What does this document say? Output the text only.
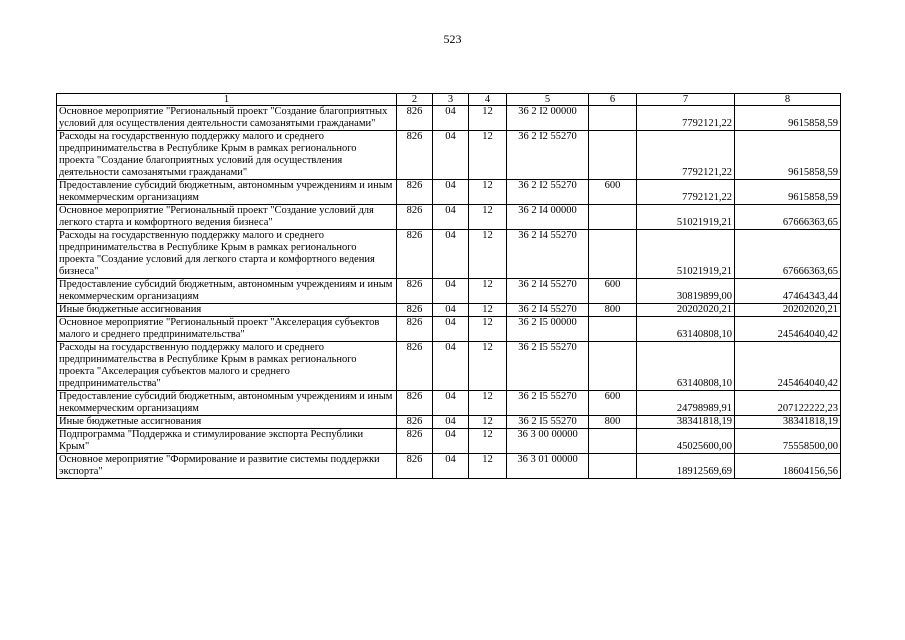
523
1	2	3	4	5	6	7	8
Основное мероприятие "Региональный проект "Создание благоприятных условий для осуществления деятельности самозанятыми гражданами"	826	04	12	36 2 I2 00000		7792121,22	9615858,59
Расходы на государственную поддержку малого и среднего предпринимательства в Республике Крым в рамках регионального проекта "Создание благоприятных условий для осуществления деятельности самозанятыми гражданами"	826	04	12	36 2 I2 55270		7792121,22	9615858,59
Предоставление субсидий бюджетным, автономным учреждениям и иным некоммерческим организациям	826	04	12	36 2 I2 55270	600	7792121,22	9615858,59
Основное мероприятие "Региональный проект "Создание условий для легкого старта и комфортного ведения бизнеса"	826	04	12	36 2 I4 00000		51021919,21	67666363,65
Расходы на государственную поддержку малого и среднего предпринимательства в Республике Крым в рамках регионального проекта "Создание условий для легкого старта и комфортного ведения бизнеса"	826	04	12	36 2 I4 55270		51021919,21	67666363,65
Предоставление субсидий бюджетным, автономным учреждениям и иным некоммерческим организациям	826	04	12	36 2 I4 55270	600	30819899,00	47464343,44
Иные бюджетные ассигнования	826	04	12	36 2 I4 55270	800	20202020,21	20202020,21
Основное мероприятие "Региональный проект "Акселерация субъектов малого и среднего предпринимательства"	826	04	12	36 2 I5 00000		63140808,10	245464040,42
Расходы на государственную поддержку малого и среднего предпринимательства в Республике Крым в рамках регионального проекта "Акселерация субъектов малого и среднего предпринимательства"	826	04	12	36 2 I5 55270		63140808,10	245464040,42
Предоставление субсидий бюджетным, автономным учреждениям и иным некоммерческим организациям	826	04	12	36 2 I5 55270	600	24798989,91	207122222,23
Иные бюджетные ассигнования	826	04	12	36 2 I5 55270	800	38341818,19	38341818,19
Подпрограмма "Поддержка и стимулирование экспорта Республики Крым"	826	04	12	36 3 00 00000		45025600,00	75558500,00
Основное мероприятие "Формирование и развитие системы поддержки экспорта"	826	04	12	36 3 01 00000		18912569,69	18604156,56
